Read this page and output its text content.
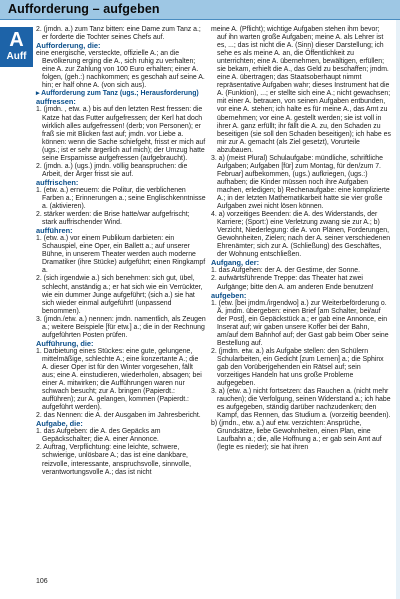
Aufforderung – aufgeben
A
Auff

2. (jmdn. a.) zum Tanz bitten: eine Dame zum Tanz a.; er forderte die Tochter seines Chefs auf.

Aufforderung, die:

eine energische, versteckte, offizielle A.; an die Bevölkerung erging die A., sich ruhig zu verhalten; eine A. zur Zahlung von 100 Euro erhalten; einer A. folgen, (geh.:) nachkommen; es geschah auf seine A. hin; er half ohne A. (von sich aus).

▸ Aufforderung zum Tanz (ugs.; Herausforderung)

auffressen:

1. (jmdn. , etw. a.) bis auf den letzten Rest fressen: die Katze hat das Futter aufgefressen; der Kerl hat doch wirklich alles aufgefressen! (derb; von Personen); er fraß sie mit Blicken fast auf; jmdn. vor Liebe a. können: wenn die Sache schiefgeht, frisst er mich auf (ugs.; ist er sehr ärgerlich auf mich); der Umzug hatte seine Ersparnisse aufgefressen (aufgebraucht).

2. (jmdn. a.) (ugs.) jmdn. völlig beanspruchen: die Arbeit, der Ärger frisst sie auf.

auffrischen:

1. (etw. a.) erneuern: die Politur, die verblichenen Farben a.; Erinnerungen a.; seine Englischkenntnisse a. (aktivieren).

2. stärker werden: die Brise hatte/war aufgefrischt; stark auffrischender Wind.

aufführen:

1. (etw. a.) vor einem Publikum darbieten: ein Schauspiel, eine Oper, ein Ballett a.; auf unserer Bühne, in unserem Theater werden auch moderne Dramatiker (ihre Stücke) aufgeführt; einen Ringkampf a.

2. (sich irgendwie a.) sich benehmen: sich gut, übel, schlecht, anständig a.; er hat sich wie ein Verrückter, wie ein dummer Junge aufgeführt; (sich a.) sie hat sich wieder einmal aufgeführt! (unpassend benommen).

3. (jmdn./etw. a.) nennen: jmdn. namentlich, als Zeugen a.; weitere Beispiele [für etw.] a.; die in der Rechnung aufgeführten Posten prüfen.

Aufführung, die:

1. Darbietung eines Stückes: eine gute, gelungene, mittelmäßige, schlechte A.; eine konzertante A.; die A. dieser Oper ist für den Winter vorgesehen, fällt aus; eine A. einstudieren, wiederholen, absagen; bei einer A. mitwirken; die Aufführungen waren nur schwach besucht; zur A. bringen (Papierdt.: aufführen); zur A. gelangen, kommen (Papierdt.: aufgeführt werden).

2. das Nennen: die A. der Ausgaben im Jahresbericht.

Aufgabe, die:

1. das Aufgeben: die A. des Gepäcks am Gepäckschalter; die A. einer Annonce.

2. Auftrag, Verpflichtung: eine leichte, schwere, schwierige, unlösbare A.; das ist eine dankbare, reizvolle, interessante, anspruchsvolle, sinnvolle, verantwortungsvolle A.; das ist nicht

meine A. (Pflicht); wichtige Aufgaben stehen ihm bevor; auf ihn warten große Aufgaben; meine A. als Lehrer ist es, ...; das ist nicht die A. (Sinn) dieser Darstellung; ich sehe es als meine A. an, die Öffentlichkeit zu unterrichten; eine A. übernehmen, bewältigen, erfüllen; sie bekam, erhielt die A., das Geld zu beschaffen; jmdm. eine A. übertragen; das Staatsoberhaupt nimmt repräsentative Aufgaben wahr; dieses Instrument hat die A. (Funktion), ...; er stellte sich eine A.; nicht gewachsen; mit einer A. betrauen, von seinen Aufgaben entbunden, vor eine A. stehen; ich halte es für meine A., das Amt zu übernehmen; vor eine A. gestellt werden; sie ist voll in ihrer A. ganz erfüllt; ihr fällt die A. zu, den Schaden zu beseitigen (sie soll den Schaden beseitigen); ich habe es mir zur A. gemacht (als Ziel gesetzt), Vorurteile abzubauen.

3. a) (meist Plural) Schulaufgabe: mündliche, schriftliche Aufgaben; Aufgaben [für] zum Montag, für den/zum 7. Februar] aufbekommen, (ugs.) aufkriegen, (ugs.:) aufhaben; die Kinder müssen noch ihre Aufgaben machen, erledigen; b) Rechenaufgabe: eine komplizierte A.; in der letzten Mathematikarbeit hatte sie vier große Aufgaben zwei nicht lösen können.

4. a) vorzeitiges Beenden: die A. des Widerstands, der Karriere; (Sport:) eine Verletzung zwang sie zur A.; b) Verzicht, Niederlegung: die A. von Plänen, Forderungen, Gewohnheiten, Zielen; nach der A. seiner verschiedenen Ehrenämter; sich zur A. (Schließung) des Geschäftes, der Wohnung entschließen.

Aufgang, der:

1. das Aufgehen: der A. der Gestirne, der Sonne.

2. aufwärtsführende Treppe: das Theater hat zwei Aufgänge; bitte den A. am anderen Ende benutzen!

aufgeben:

1. (etw. [bei jmdm./irgendwo] a.) zur Weiterbeförderung o. Ä. jmdm. übergeben: einen Brief [am Schalter, bei/auf der Post], ein Gepäckstück a.; er gab eine Annonce, ein Inserat auf; wir gaben unsere Koffer bei der Bahn, am/auf dem Bahnhof auf; der Gast gab beim Ober seine Bestellung auf.

2. (jmdm. etw. a.) als Aufgabe stellen: den Schülern Schularbeiten, ein Gedicht [zum Lernen] a.; die Sphinx gab den Vorüberjgehenden ein Rätsel auf; sein vorzeitiges Handeln hat uns große Probleme aufgegeben.

3. a) (etw. a.) nicht fortsetzen: das Rauchen a. (nicht mehr rauchen); die Verfolgung, seinen Widerstand a.; ich habe es aufgegeben, ständig darüber nachzudenken; den Kampf, das Rennen, das Studium a. (vorzeitig beenden).

b) (jmdn., etw. a.) auf etw. verzichten: Ansprüche, Grundsätze, liebe Gewohnheiten, einen Plan, eine Laufbahn a.; die, alle Hoffnung a.; er gab sein Amt auf (legte es nieder); sie hat ihren

106
